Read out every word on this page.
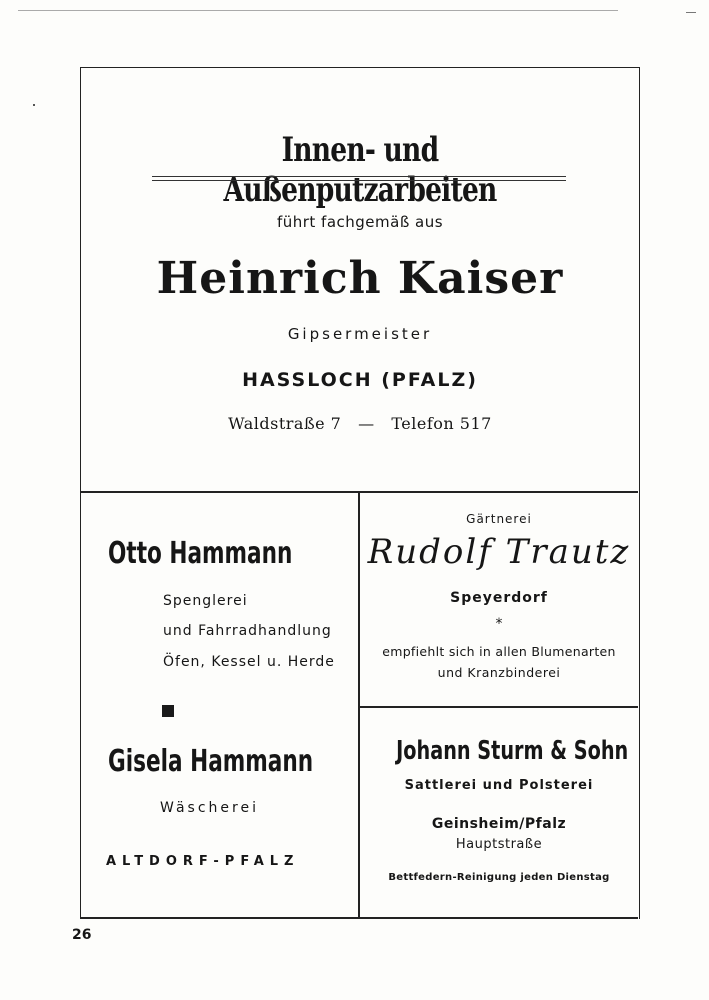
Innen- und Außenputzarbeiten
führt fachgemäß aus
Heinrich Kaiser
Gipsermeister
HASSLOCH (PFALZ)
Waldstraße 7   —   Telefon 517
Otto Hammann
Spenglerei
und Fahrradhandlung
Öfen, Kessel u. Herde
Gisela Hammann
Wäscherei
ALTDORF-PFALZ
Gärtnerei
Rudolf Trautz
Speyerdorf
*
empfiehlt sich in allen Blumenarten
und Kranzbinderei
Johann Sturm & Sohn
Sattlerei und Polsterei
Geinsheim/Pfalz
Hauptstraße
Bettfedern-Reinigung jeden Dienstag
26
